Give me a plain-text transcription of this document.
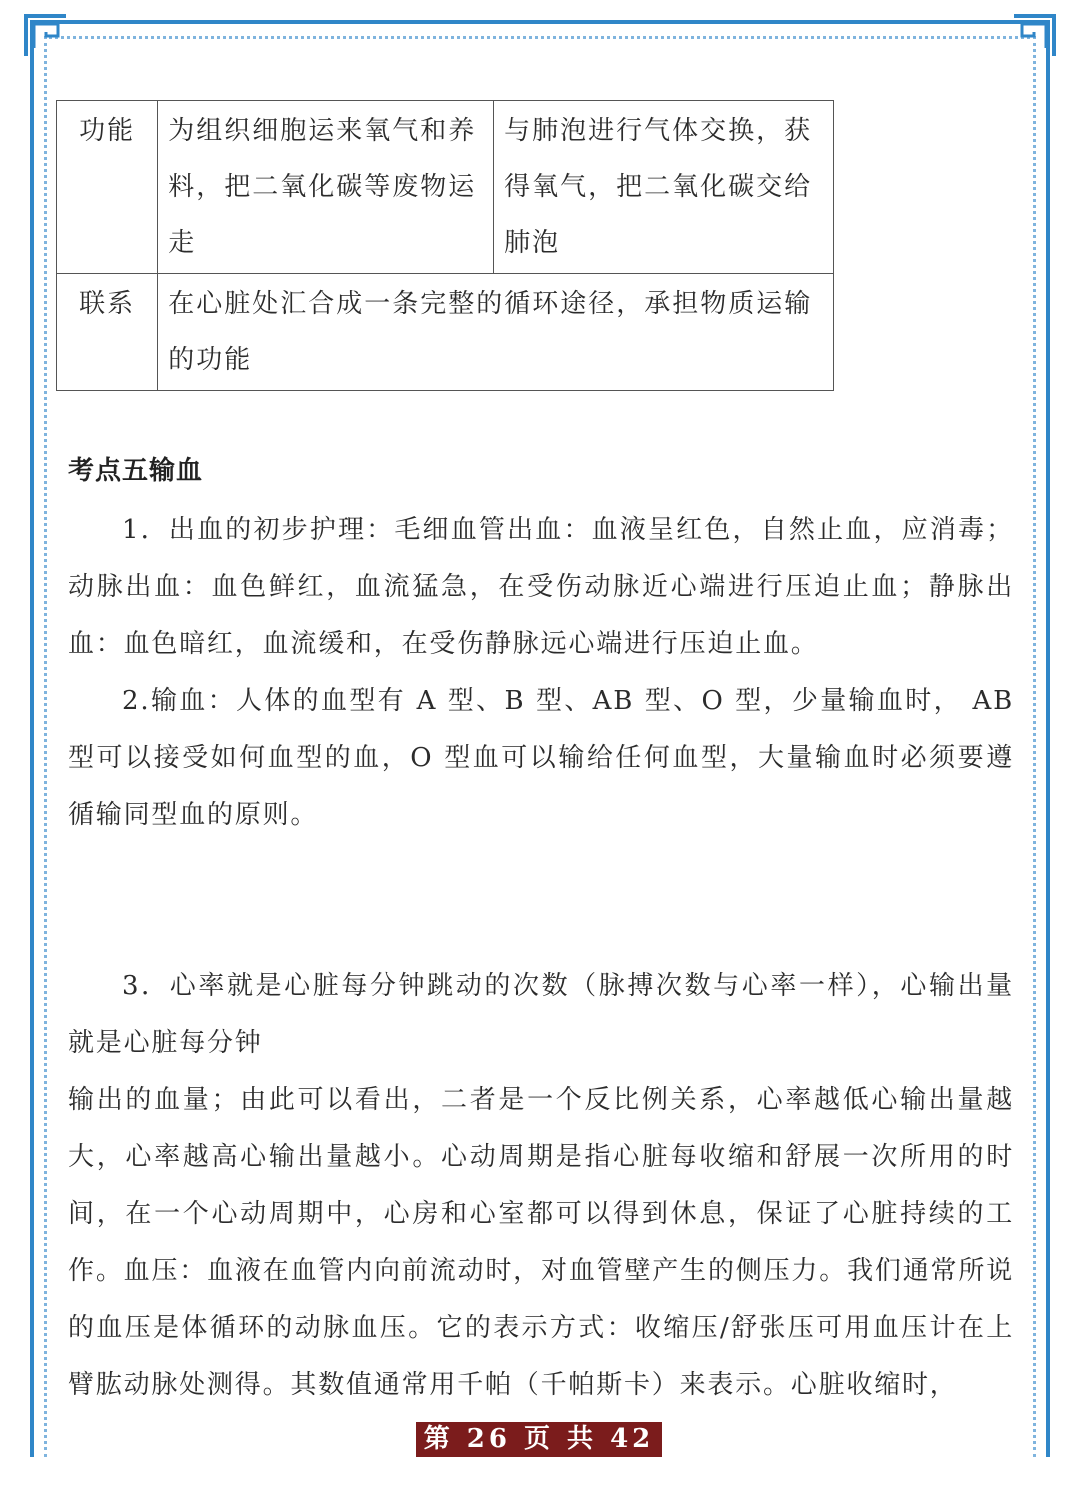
功能	为组织细胞运来氧气和养料，把二氧化碳等废物运走	与肺泡进行气体交换，获得氧气，把二氧化碳交给肺泡
联系	在心脏处汇合成一条完整的循环途径，承担物质运输的功能	
考点五输血

1．出血的初步护理：毛细血管出血：血液呈红色，自然止血，应消毒；动脉出血：血色鲜红，血流猛急，在受伤动脉近心端进行压迫止血；静脉出血：血色暗红，血流缓和，在受伤静脉远心端进行压迫止血。

2.输血：人体的血型有 A 型、B 型、AB 型、O 型，少量输血时， AB 型可以接受如何血型的血，O 型血可以输给任何血型，大量输血时必须要遵循输同型血的原则。

3．心率就是心脏每分钟跳动的次数（脉搏次数与心率一样），心输出量就是心脏每分钟

输出的血量；由此可以看出，二者是一个反比例关系，心率越低心输出量越大，心率越高心输出量越小。心动周期是指心脏每收缩和舒展一次所用的时间，在一个心动周期中，心房和心室都可以得到休息，保证了心脏持续的工作。血压：血液在血管内向前流动时，对血管壁产生的侧压力。我们通常所说的血压是体循环的动脉血压。它的表示方式：收缩压/舒张压可用血压计在上臂肱动脉处测得。其数值通常用千帕（千帕斯卡）来表示。心脏收缩时，

第 26 页 共 42 页
